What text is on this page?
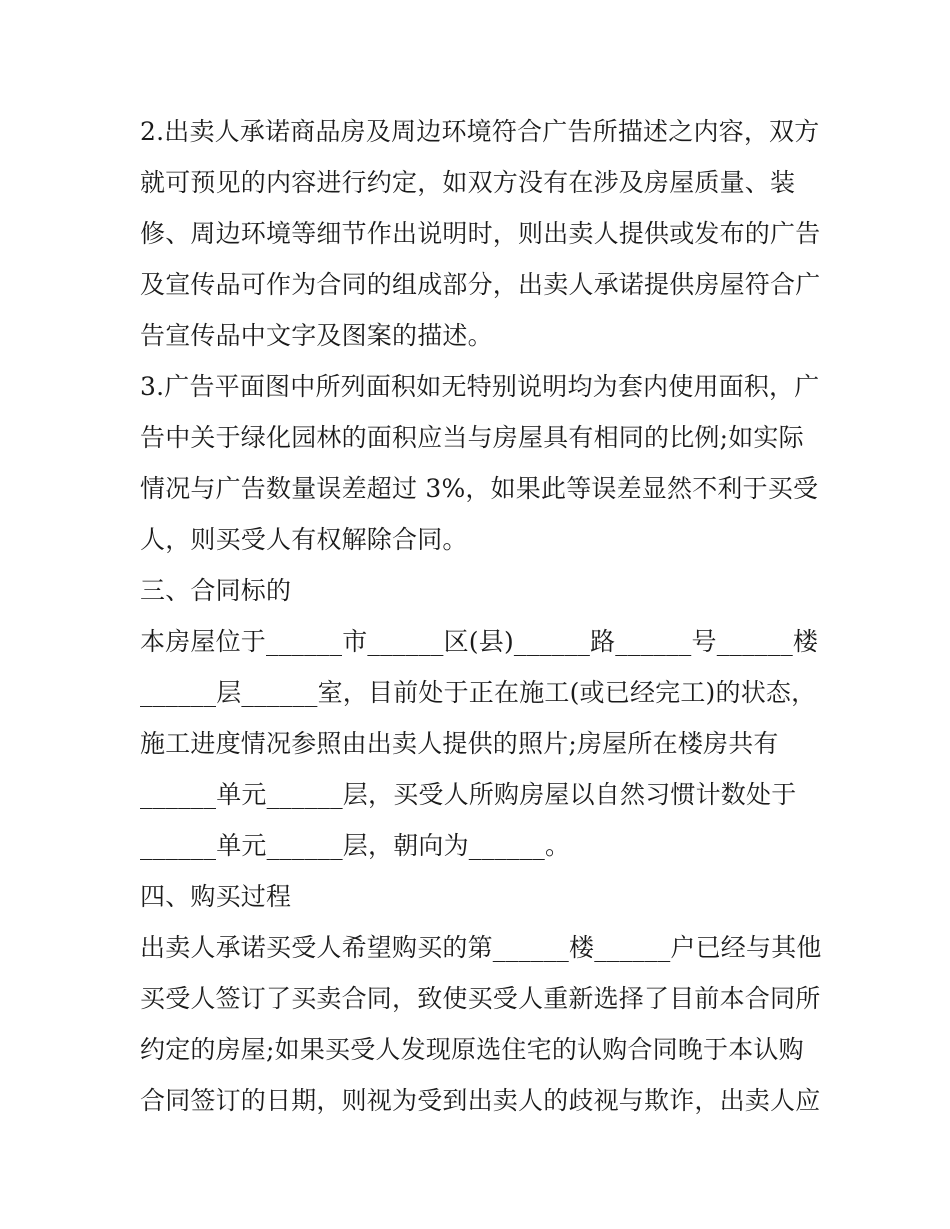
2.出卖人承诺商品房及周边环境符合广告所描述之内容，双方
就可预见的内容进行约定，如双方没有在涉及房屋质量、装
修、周边环境等细节作出说明时，则出卖人提供或发布的广告
及宣传品可作为合同的组成部分，出卖人承诺提供房屋符合广
告宣传品中文字及图案的描述。
3.广告平面图中所列面积如无特别说明均为套内使用面积，广
告中关于绿化园林的面积应当与房屋具有相同的比例;如实际
情况与广告数量误差超过 3%，如果此等误差显然不利于买受
人，则买受人有权解除合同。
三、合同标的
本房屋位于______市______区(县)______路______号______楼
______层______室，目前处于正在施工(或已经完工)的状态，
施工进度情况参照由出卖人提供的照片;房屋所在楼房共有
______单元______层，买受人所购房屋以自然习惯计数处于
______单元______层，朝向为______。
四、购买过程
出卖人承诺买受人希望购买的第______楼______户已经与其他
买受人签订了买卖合同，致使买受人重新选择了目前本合同所
约定的房屋;如果买受人发现原选住宅的认购合同晚于本认购
合同签订的日期，则视为受到出卖人的歧视与欺诈，出卖人应
